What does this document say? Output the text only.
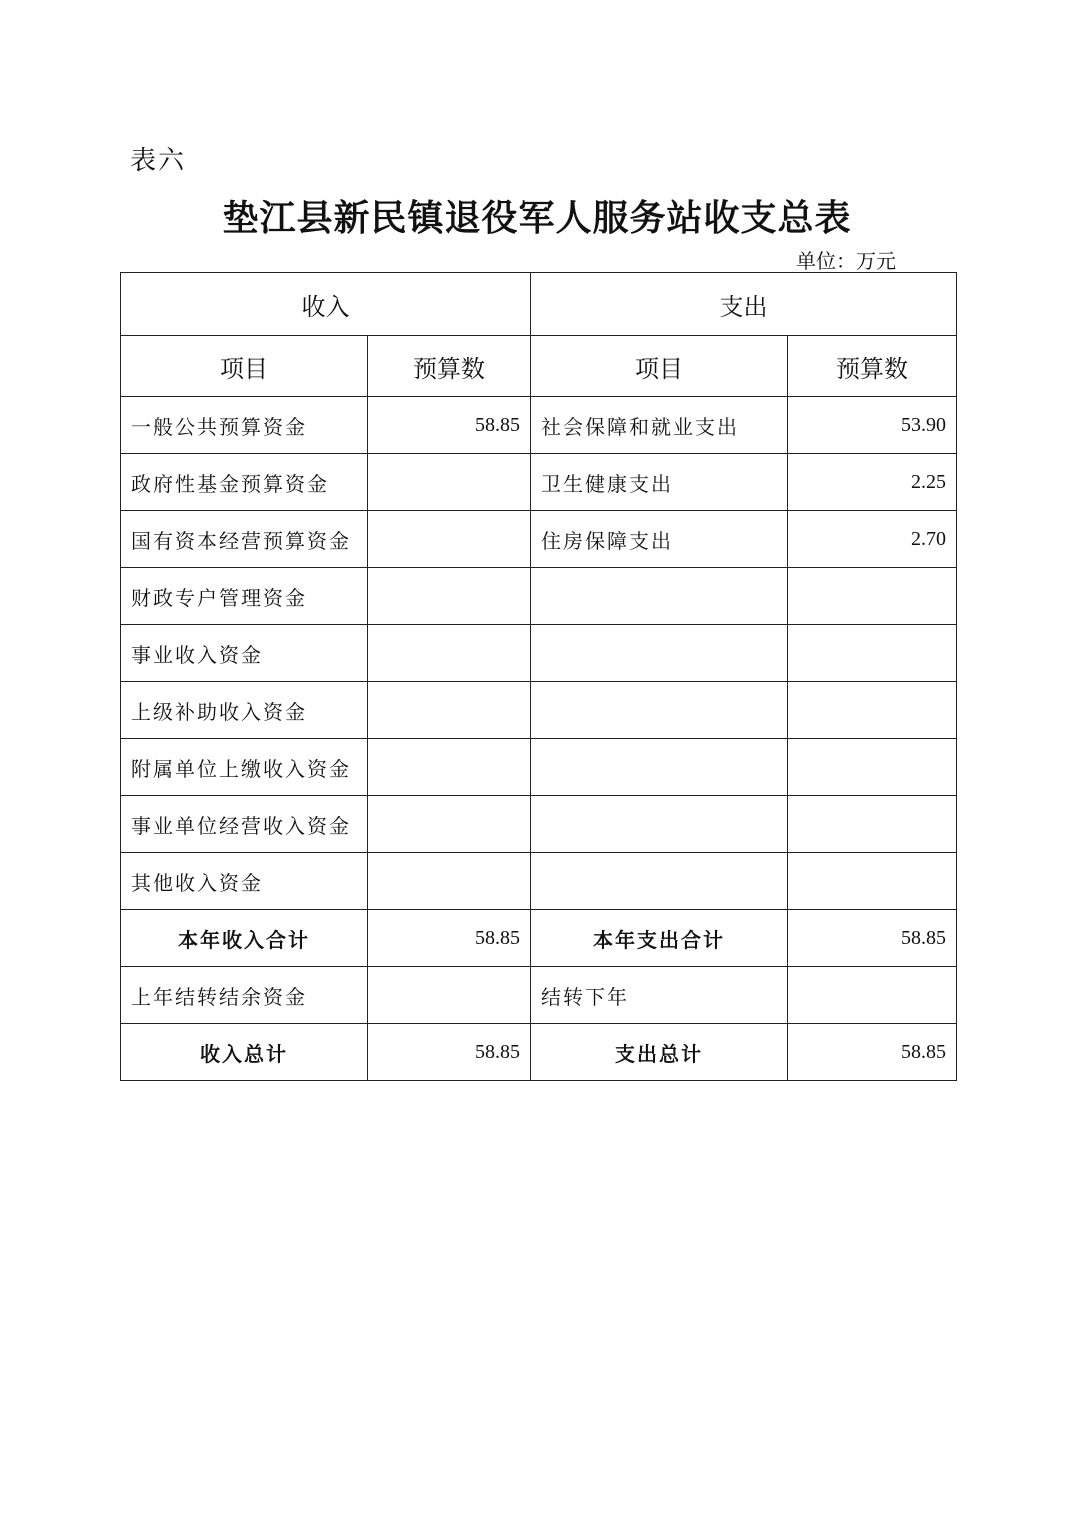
表六
垫江县新民镇退役军人服务站收支总表
单位：万元
收入		支出	
项目	预算数	项目	预算数
一般公共预算资金	58.85	社会保障和就业支出	53.90
政府性基金预算资金		卫生健康支出	2.25
国有资本经营预算资金		住房保障支出	2.70
财政专户管理资金			
事业收入资金			
上级补助收入资金			
附属单位上缴收入资金			
事业单位经营收入资金			
其他收入资金			
本年收入合计	58.85	本年支出合计	58.85
上年结转结余资金		结转下年	
收入总计	58.85	支出总计	58.85
